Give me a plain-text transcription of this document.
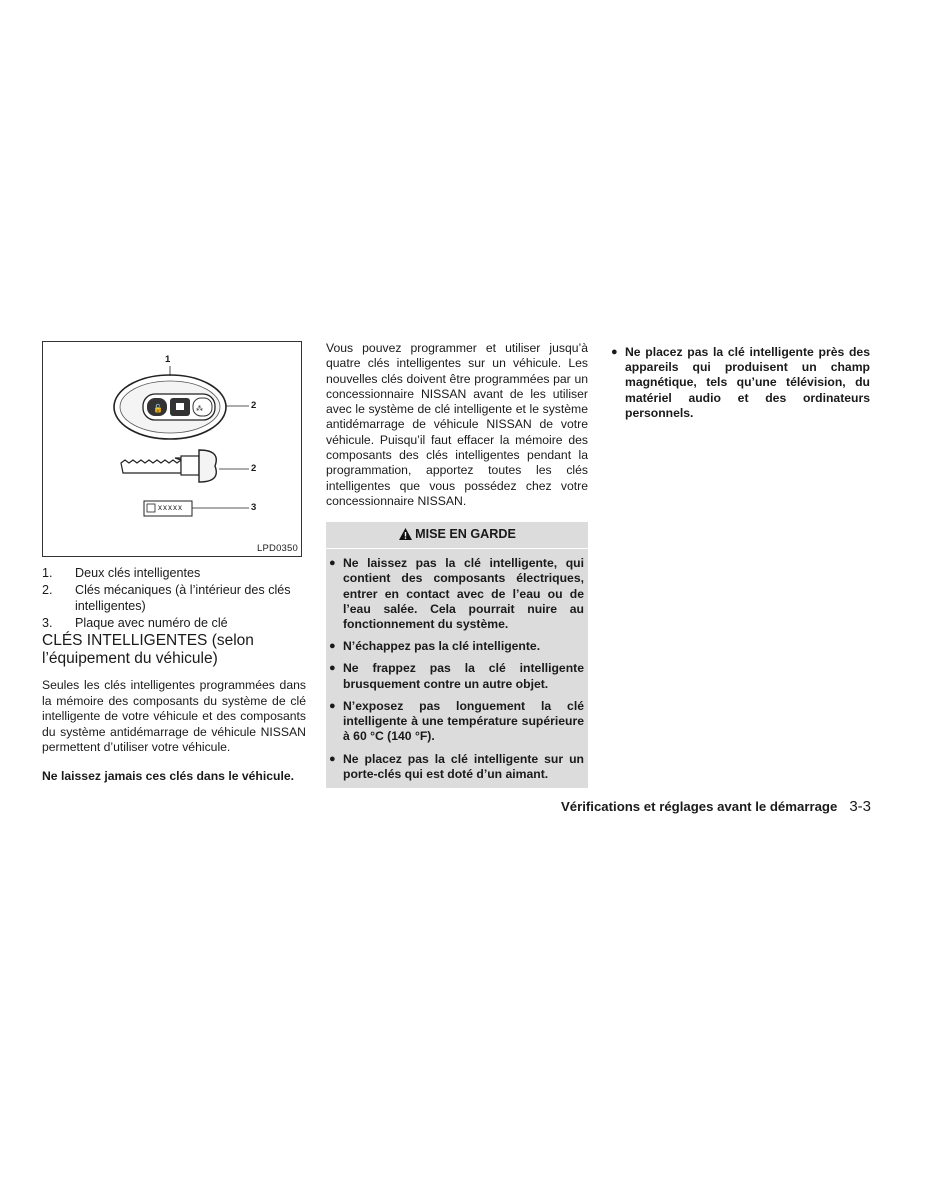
🔓	⁂
1
2
2
3
xxxxx
LPD0350
1.	Deux clés intelligentes
2.	Clés mécaniques (à l’intérieur des clés intelligentes)
3.	Plaque avec numéro de clé
CLÉS INTELLIGENTES (selon l’équipement du véhicule)

Seules les clés intelligentes programmées dans la mémoire des composants du système de clé intelligente de votre véhicule et des composants du système antidémarrage de véhicule NISSAN permettent d’utiliser votre véhicule.

Ne laissez jamais ces clés dans le véhicule.

Vous pouvez programmer et utiliser jusqu’à quatre clés intelligentes sur un véhicule. Les nouvelles clés doivent être programmées par un concessionnaire NISSAN avant de les utiliser avec le système de clé intelligente et le système antidémarrage de véhicule NISSAN de votre véhicule. Puisqu’il faut effacer la mémoire des composants des clés intelligentes pendant la programmation, apportez toutes les clés intelligentes que vous possédez chez votre concessionnaire NISSAN.

MISE EN GARDE
● Ne laissez pas la clé intelligente, qui contient des composants électriques, entrer en contact avec de l’eau ou de l’eau salée. Cela pourrait nuire au fonctionnement du système.
● N’échappez pas la clé intelligente.
● Ne frappez pas la clé intelligente brusquement contre un autre objet.
● N’exposez pas longuement la clé intelligente à une température supérieure à 60 °C (140 °F).
● Ne placez pas la clé intelligente sur un porte-clés qui est doté d’un aimant.
● Ne placez pas la clé intelligente près des appareils qui produisent un champ magnétique, tels qu’une télévision, du matériel audio et des ordinateurs personnels.
Vérifications et réglages avant le démarrage 3-3
